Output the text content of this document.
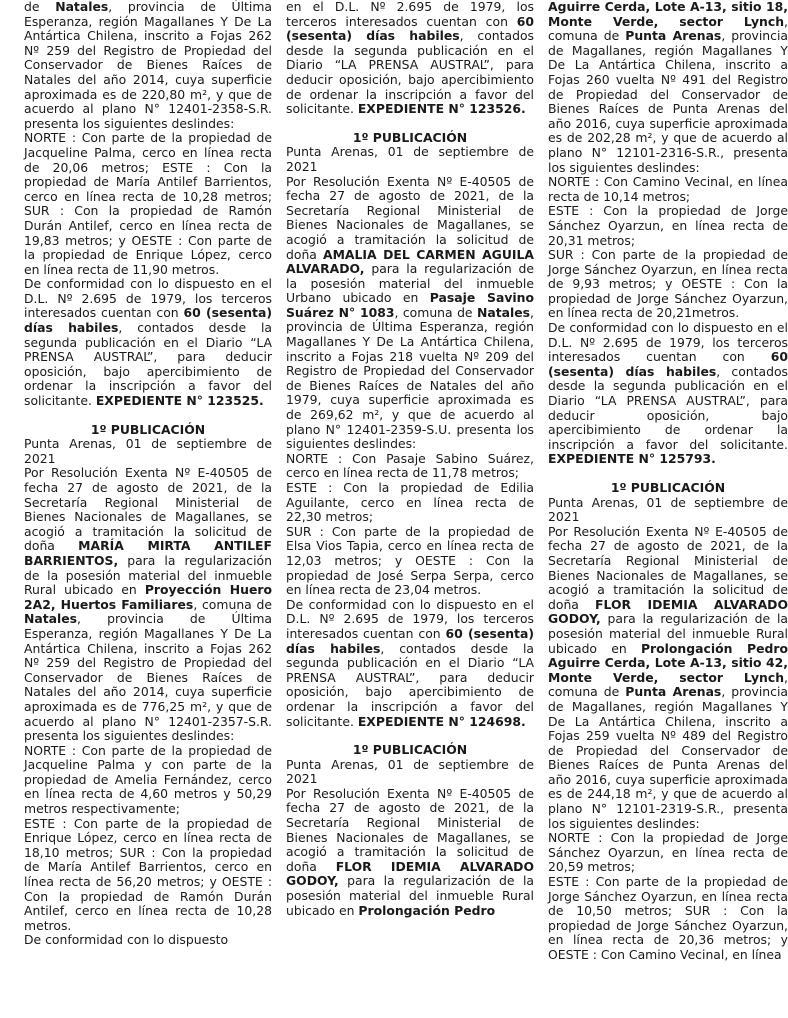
de Natales, provincia de Última Esperanza, región Magallanes Y De La Antártica Chilena, inscrito a Fojas 262 Nº 259 del Registro de Propiedad del Conservador de Bienes Raíces de Natales del año 2014, cuya superficie aproximada es de 220,80 m², y que de acuerdo al plano N° 12401-2358-S.R. presenta los siguientes deslindes:

NORTE : Con parte de la propiedad de Jacqueline Palma, cerco en línea recta de 20,06 metros; ESTE : Con la propiedad de María Antilef Barrientos, cerco en línea recta de 10,28 metros; SUR : Con la propiedad de Ramón Durán Antilef, cerco en línea recta de 19,83 metros; y OESTE : Con parte de la propiedad de Enrique López, cerco en línea recta de 11,90 metros.

De conformidad con lo dispuesto en el D.L. Nº 2.695 de 1979, los terceros interesados cuentan con 60 (sesenta) días habiles, contados desde la segunda publicación en el Diario “LA PRENSA AUSTRAL”, para deducir oposición, bajo apercibimiento de ordenar la inscripción a favor del solicitante. EXPEDIENTE N° 123525.

1º PUBLICACIÓN

Punta Arenas, 01 de septiembre de 2021

Por Resolución Exenta Nº E-40505 de fecha 27 de agosto de 2021, de la Secretaría Regional Ministerial de Bienes Nacionales de Magallanes, se acogió a tramitación la solicitud de doña MARÍA MIRTA ANTILEF BARRIENTOS, para la regularización de la posesión material del inmueble Rural ubicado en Proyección Huero 2A2, Huertos Familiares, comuna de Natales, provincia de Última Esperanza, región Magallanes Y De La Antártica Chilena, inscrito a Fojas 262 Nº 259 del Registro de Propiedad del Conservador de Bienes Raíces de Natales del año 2014, cuya superficie aproximada es de 776,25 m², y que de acuerdo al plano N° 12401-2357-S.R. presenta los siguientes deslindes:

NORTE : Con parte de la propiedad de Jacqueline Palma y con parte de la propiedad de Amelia Fernández, cerco en línea recta de 4,60 metros y 50,29 metros respectivamente;

ESTE : Con parte de la propiedad de Enrique López, cerco en línea recta de 18,10 metros; SUR : Con la propiedad de María Antilef Barrientos, cerco en línea recta de 56,20 metros; y OESTE : Con la propiedad de Ramón Durán Antilef, cerco en línea recta de 10,28 metros.

De conformidad con lo dispuesto

en el D.L. Nº 2.695 de 1979, los terceros interesados cuentan con 60 (sesenta) días habiles, contados desde la segunda publicación en el Diario “LA PRENSA AUSTRAL”, para deducir oposición, bajo apercibimiento de ordenar la inscripción a favor del solicitante. EXPEDIENTE N° 123526.

1º PUBLICACIÓN

Punta Arenas, 01 de septiembre de 2021

Por Resolución Exenta Nº E-40505 de fecha 27 de agosto de 2021, de la Secretaría Regional Ministerial de Bienes Nacionales de Magallanes, se acogió a tramitación la solicitud de doña AMALIA DEL CARMEN AGUILA ALVARADO, para la regularización de la posesión material del inmueble Urbano ubicado en Pasaje Savino Suárez N° 1083, comuna de Natales, provincia de Última Esperanza, región Magallanes Y De La Antártica Chilena, inscrito a Fojas 218 vuelta Nº 209 del Registro de Propiedad del Conservador de Bienes Raíces de Natales del año 1979, cuya superficie aproximada es de 269,62 m², y que de acuerdo al plano N° 12401-2359-S.U. presenta los siguientes deslindes:

NORTE : Con Pasaje Sabino Suárez, cerco en línea recta de 11,78 metros;

ESTE : Con la propiedad de Edilia Aguilante, cerco en línea recta de 22,30 metros;

SUR : Con parte de la propiedad de Elsa Vios Tapia, cerco en línea recta de 12,03 metros; y OESTE : Con la propiedad de José Serpa Serpa, cerco en línea recta de 23,04 metros.

De conformidad con lo dispuesto en el D.L. Nº 2.695 de 1979, los terceros interesados cuentan con 60 (sesenta) días habiles, contados desde la segunda publicación en el Diario “LA PRENSA AUSTRAL”, para deducir oposición, bajo apercibimiento de ordenar la inscripción a favor del solicitante. EXPEDIENTE N° 124698.

1º PUBLICACIÓN

Punta Arenas, 01 de septiembre de 2021

Por Resolución Exenta Nº E-40505 de fecha 27 de agosto de 2021, de la Secretaría Regional Ministerial de Bienes Nacionales de Magallanes, se acogió a tramitación la solicitud de doña FLOR IDEMIA ALVARADO GODOY, para la regularización de la posesión material del inmueble Rural ubicado en Prolongación Pedro

Aguirre Cerda, Lote A-13, sitio 18, Monte Verde, sector Lynch, comuna de Punta Arenas, provincia de Magallanes, región Magallanes Y De La Antártica Chilena, inscrito a Fojas 260 vuelta Nº 491 del Registro de Propiedad del Conservador de Bienes Raíces de Punta Arenas del año 2016, cuya superficie aproximada es de 202,28 m², y que de acuerdo al plano N° 12101-2316-S.R., presenta los siguientes deslindes:

NORTE : Con Camino Vecinal, en línea recta de 10,14 metros;

ESTE : Con la propiedad de Jorge Sánchez Oyarzun, en línea recta de 20,31 metros;

SUR : Con parte de la propiedad de Jorge Sánchez Oyarzun, en línea recta de 9,93 metros; y OESTE : Con la propiedad de Jorge Sánchez Oyarzun, en línea recta de 20,21metros.

De conformidad con lo dispuesto en el D.L. Nº 2.695 de 1979, los terceros interesados cuentan con 60 (sesenta) días habiles, contados desde la segunda publicación en el Diario “LA PRENSA AUSTRAL”, para deducir oposición, bajo apercibimiento de ordenar la inscripción a favor del solicitante. EXPEDIENTE N° 125793.

1º PUBLICACIÓN

Punta Arenas, 01 de septiembre de 2021

Por Resolución Exenta Nº E-40505 de fecha 27 de agosto de 2021, de la Secretaría Regional Ministerial de Bienes Nacionales de Magallanes, se acogió a tramitación la solicitud de doña FLOR IDEMIA ALVARADO GODOY, para la regularización de la posesión material del inmueble Rural ubicado en Prolongación Pedro Aguirre Cerda, Lote A-13, sitio 42, Monte Verde, sector Lynch, comuna de Punta Arenas, provincia de Magallanes, región Magallanes Y De La Antártica Chilena, inscrito a Fojas 259 vuelta Nº 489 del Registro de Propiedad del Conservador de Bienes Raíces de Punta Arenas del año 2016, cuya superficie aproximada es de 244,18 m², y que de acuerdo al plano N° 12101-2319-S.R., presenta los siguientes deslindes:

NORTE : Con la propiedad de Jorge Sánchez Oyarzun, en línea recta de 20,59 metros;

ESTE : Con parte de la propiedad de Jorge Sánchez Oyarzun, en línea recta de 10,50 metros; SUR : Con la propiedad de Jorge Sánchez Oyarzun, en línea recta de 20,36 metros; y OESTE : Con Camino Vecinal, en línea
